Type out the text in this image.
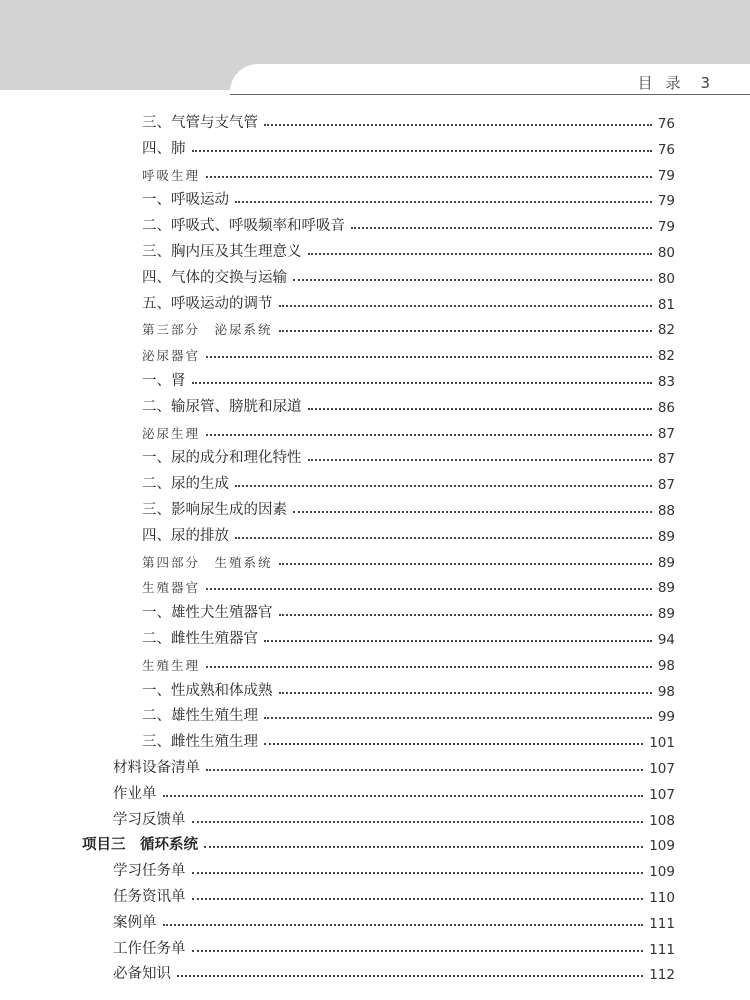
目 录 3
三、气管与支气管	76
四、肺	76
呼吸生理	79
一、呼吸运动	79
二、呼吸式、呼吸频率和呼吸音	79
三、胸内压及其生理意义	80
四、气体的交换与运输	80
五、呼吸运动的调节	81
第三部分　泌尿系统	82
泌尿器官	82
一、肾	83
二、输尿管、膀胱和尿道	86
泌尿生理	87
一、尿的成分和理化特性	87
二、尿的生成	87
三、影响尿生成的因素	88
四、尿的排放	89
第四部分　生殖系统	89
生殖器官	89
一、雄性犬生殖器官	89
二、雌性生殖器官	94
生殖生理	98
一、性成熟和体成熟	98
二、雄性生殖生理	99
三、雌性生殖生理	101
材料设备清单	107
作业单	107
学习反馈单	108
项目三　循环系统	109
学习任务单	109
任务资讯单	110
案例单	111
工作任务单	111
必备知识	112
